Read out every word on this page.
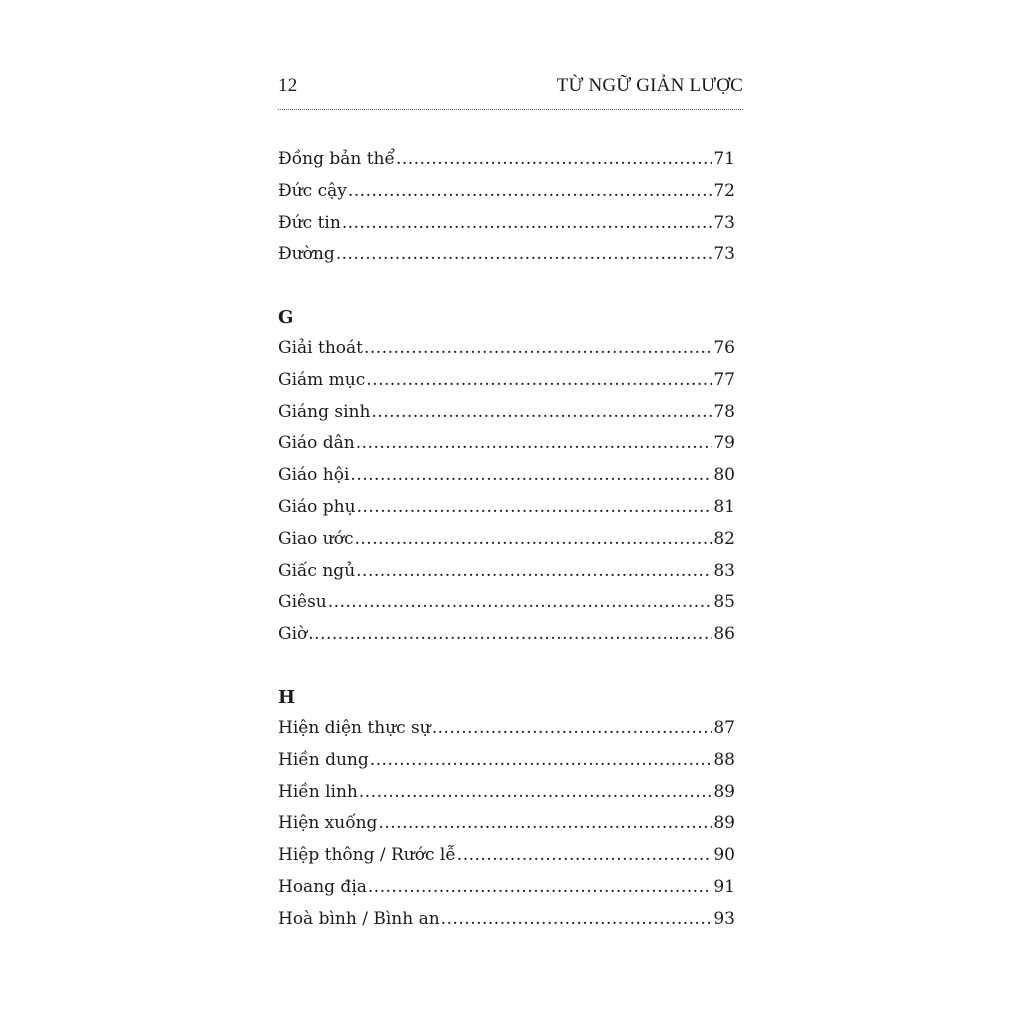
12	TỪ NGỮ GIẢN LƯỢC
Đồng bản thể .....	71
Đức cậy .....	72
Đức tin .....	73
Đường .....	73
G
Giải thoát .....	76
Giám mục .....	77
Giáng sinh .....	78
Giáo dân .....	79
Giáo hội .....	80
Giáo phụ .....	81
Giao ước .....	82
Giấc ngủ .....	83
Giêsu .....	85
Giờ .....	86
H
Hiện diện thực sự .....	87
Hiền dung .....	88
Hiền linh .....	89
Hiện xuống .....	89
Hiệp thông / Rước lễ .....	90
Hoang địa .....	91
Hoà bình / Bình an .....	93
